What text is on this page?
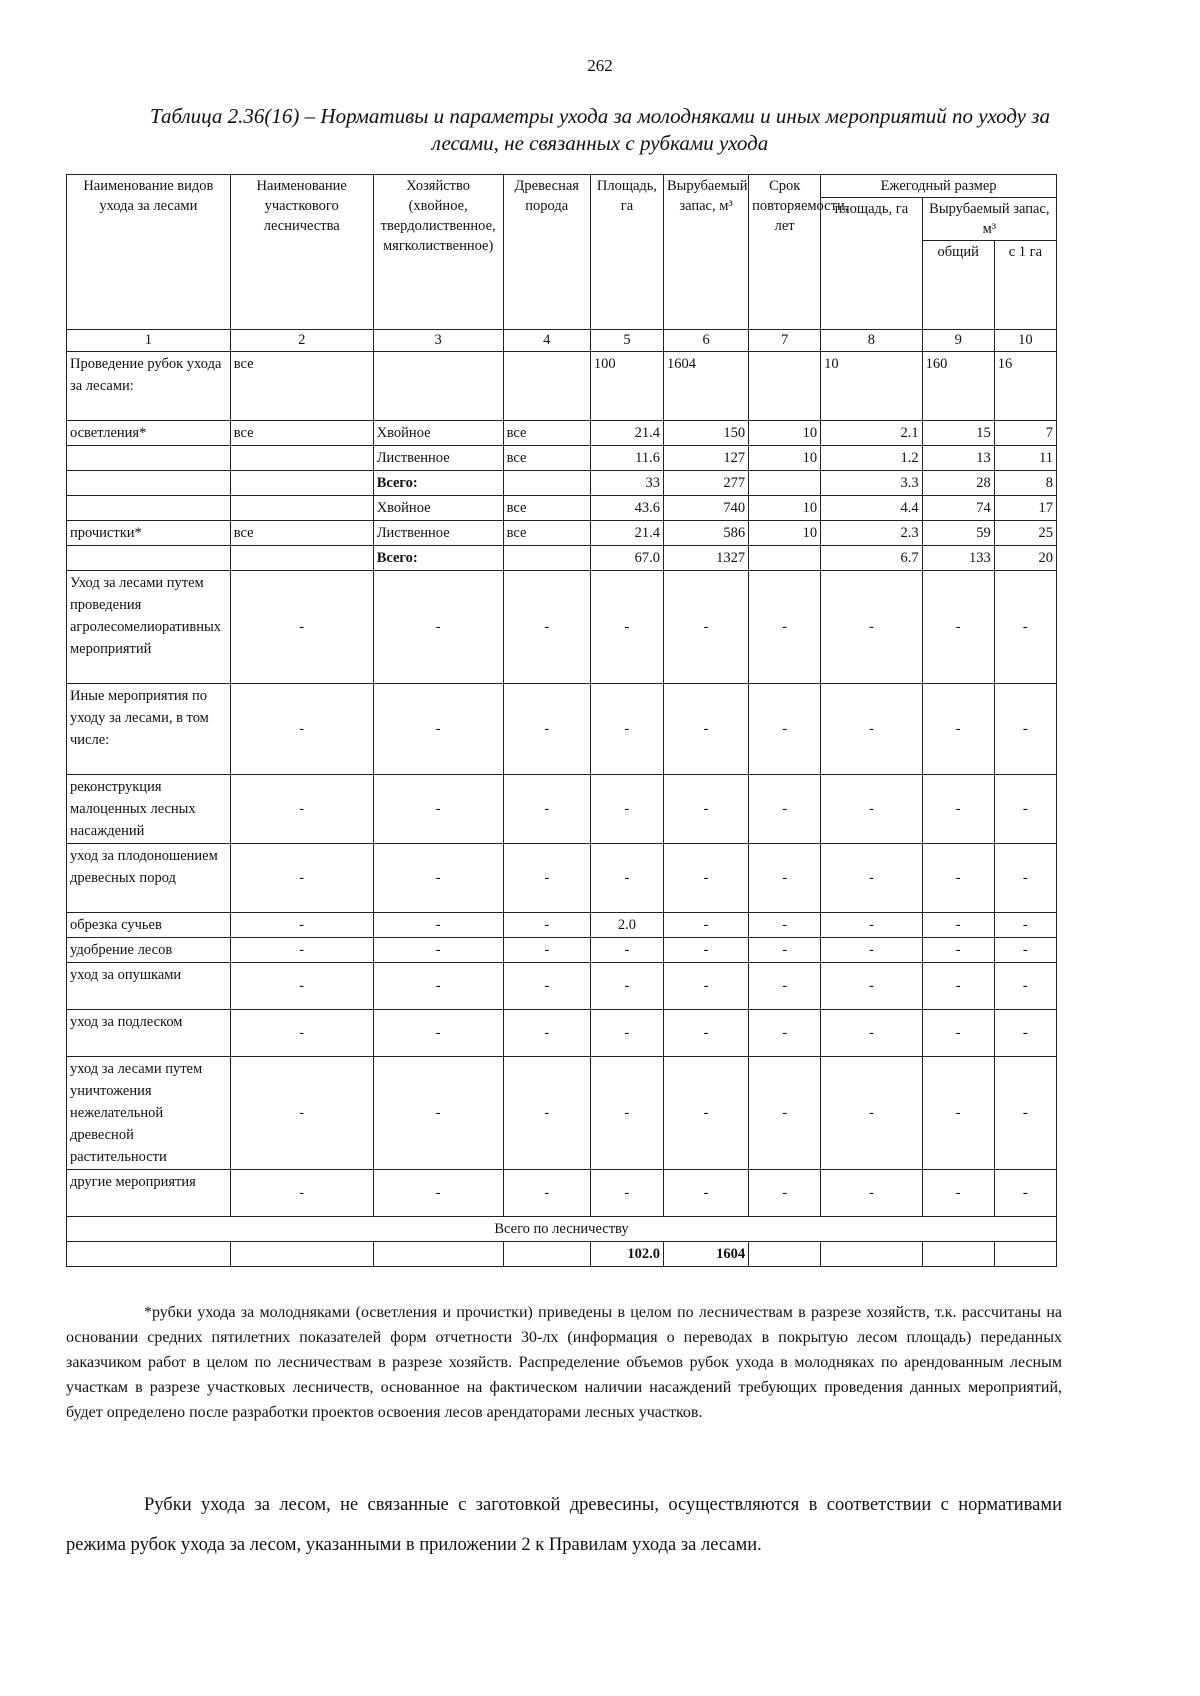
262
Таблица 2.36(16) – Нормативы и параметры ухода за молодняками и иных мероприятий по уходу за лесами, не связанных с рубками ухода
Наименование видов ухода за лесами	Наименование участкового лесничества	Хозяйство (хвойное, твердолиственное, мягколиственное)	Древесная порода	Площадь, га	Вырубаемый запас, м³	Срок повторяемости, лет	Ежегодный размер		
							площадь, га	Вырубаемый запас, м³	
								общий	с 1 га
1	2	3	4	5	6	7	8	9	10
Проведение рубок ухода за лесами:	все			100	1604		10	160	16
осветления*	все	Хвойное	все	21.4	150	10	2.1	15	7
		Лиственное	все	11.6	127	10	1.2	13	11
		Всего:		33	277		3.3	28	8
		Хвойное	все	43.6	740	10	4.4	74	17
прочистки*	все	Лиственное	все	21.4	586	10	2.3	59	25
		Всего:		67.0	1327		6.7	133	20
Уход за лесами путем проведения агролесомелиоративных мероприятий	-	-	-	-	-	-	-	-	-
Иные мероприятия по уходу за лесами, в том числе:	-	-	-	-	-	-	-	-	-
реконструкция малоценных лесных насаждений	-	-	-	-	-	-	-	-	-
уход за плодоношением древесных пород	-	-	-	-	-	-	-	-	-
обрезка сучьев	-	-	-	2.0	-	-	-	-	-
удобрение лесов	-	-	-	-	-	-	-	-	-
уход за опушками	-	-	-	-	-	-	-	-	-
уход за подлеском	-	-	-	-	-	-	-	-	-
уход за лесами путем уничтожения нежелательной древесной растительности	-	-	-	-	-	-	-	-	-
другие мероприятия	-	-	-	-	-	-	-	-	-
Всего по лесничеству									
				102.0	1604				
*рубки ухода за молодняками (осветления и прочистки) приведены в целом по лесничествам в разрезе хозяйств, т.к. рассчитаны на основании средних пятилетних показателей форм отчетности 30-лх (информация о переводах в покрытую лесом площадь) переданных заказчиком работ в целом по лесничествам в разрезе хозяйств. Распределение объемов рубок ухода в молодняках по арендованным лесным участкам в разрезе участковых лесничеств, основанное на фактическом наличии насаждений требующих проведения данных мероприятий, будет определено после разработки проектов освоения лесов арендаторами лесных участков.
Рубки ухода за лесом, не связанные с заготовкой древесины, осуществляются в соответствии с нормативами режима рубок ухода за лесом, указанными в приложении 2 к Правилам ухода за лесами.
